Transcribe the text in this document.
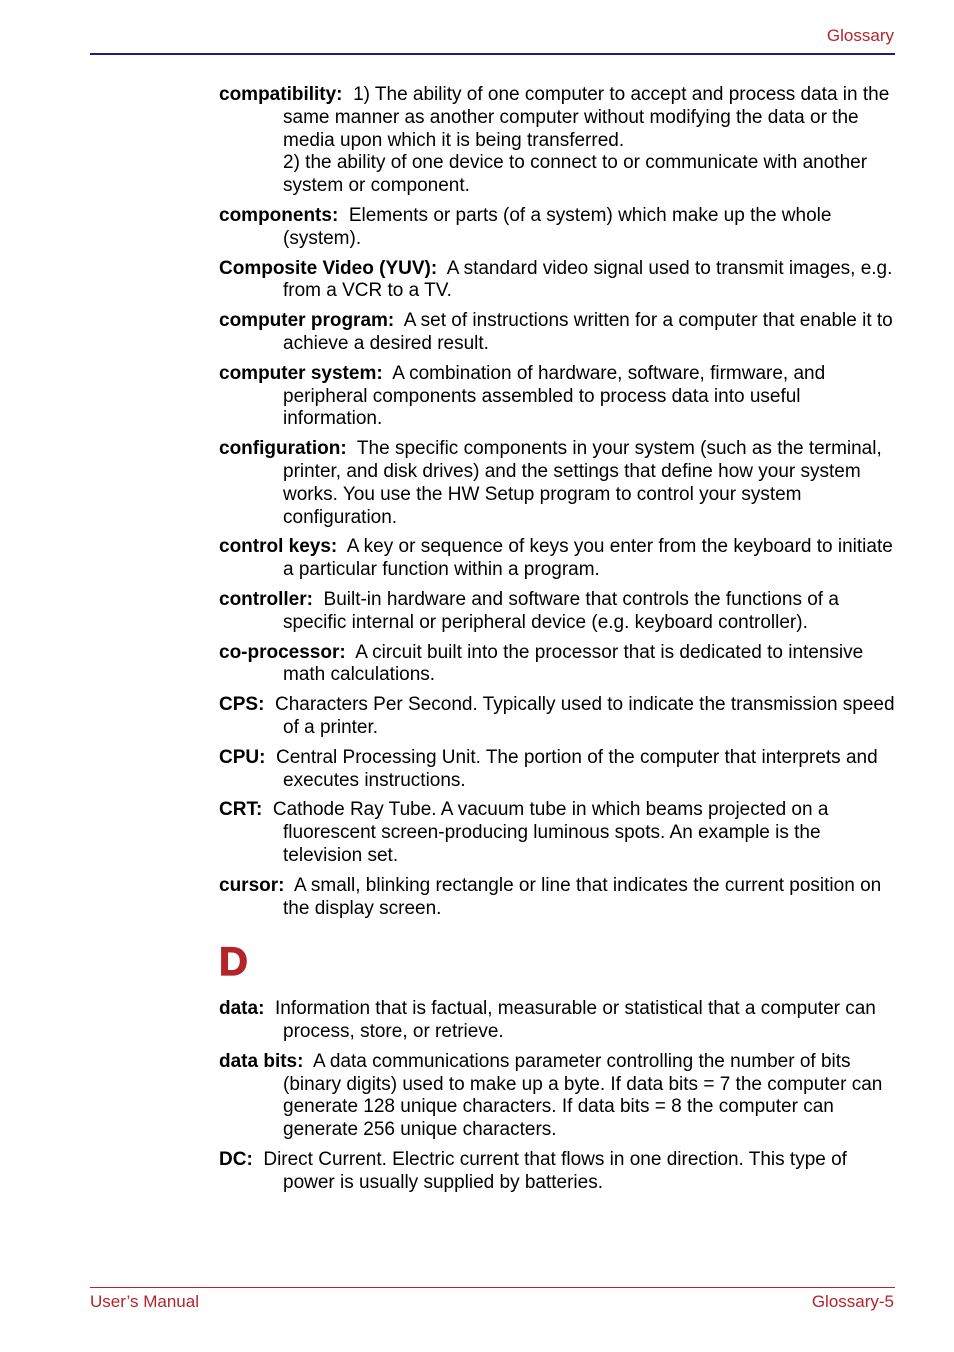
Glossary

compatibility: 1) The ability of one computer to accept and process data in the same manner as another computer without modifying the data or the media upon which it is being transferred.
2) the ability of one device to connect to or communicate with another system or component.

components: Elements or parts (of a system) which make up the whole (system).

Composite Video (YUV): A standard video signal used to transmit images, e.g. from a VCR to a TV.

computer program: A set of instructions written for a computer that enable it to achieve a desired result.

computer system: A combination of hardware, software, firmware, and peripheral components assembled to process data into useful information.

configuration: The specific components in your system (such as the terminal, printer, and disk drives) and the settings that define how your system works. You use the HW Setup program to control your system configuration.

control keys: A key or sequence of keys you enter from the keyboard to initiate a particular function within a program.

controller: Built-in hardware and software that controls the functions of a specific internal or peripheral device (e.g. keyboard controller).

co-processor: A circuit built into the processor that is dedicated to intensive math calculations.

CPS: Characters Per Second. Typically used to indicate the transmission speed of a printer.

CPU: Central Processing Unit. The portion of the computer that interprets and executes instructions.

CRT: Cathode Ray Tube. A vacuum tube in which beams projected on a fluorescent screen-producing luminous spots. An example is the television set.

cursor: A small, blinking rectangle or line that indicates the current position on the display screen.

D

data: Information that is factual, measurable or statistical that a computer can process, store, or retrieve.

data bits: A data communications parameter controlling the number of bits (binary digits) used to make up a byte. If data bits = 7 the computer can generate 128 unique characters. If data bits = 8 the computer can generate 256 unique characters.

DC: Direct Current. Electric current that flows in one direction. This type of power is usually supplied by batteries.

User’s Manual	Glossary-5
